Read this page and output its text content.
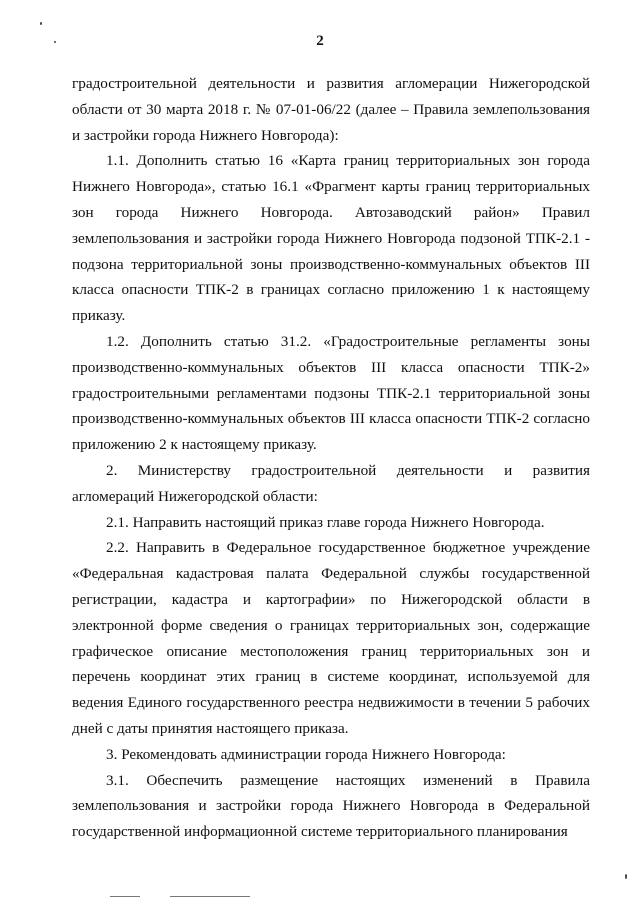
2

градостроительной деятельности и развития агломерации Нижегородской области от 30 марта 2018 г. № 07-01-06/22 (далее – Правила землепользования и застройки города Нижнего Новгорода):

1.1. Дополнить статью 16 «Карта границ территориальных зон города Нижнего Новгорода», статью 16.1 «Фрагмент карты границ территориальных зон города Нижнего Новгорода. Автозаводский район» Правил землепользования и застройки города Нижнего Новгорода подзоной ТПК-2.1 - подзона территориальной зоны производственно-коммунальных объектов III класса опасности ТПК-2 в границах согласно приложению 1 к настоящему приказу.

1.2. Дополнить статью 31.2. «Градостроительные регламенты зоны производственно-коммунальных объектов III класса опасности ТПК-2» градостроительными регламентами подзоны ТПК-2.1 территориальной зоны производственно-коммунальных объектов III класса опасности ТПК-2 согласно приложению 2 к настоящему приказу.

2. Министерству градостроительной деятельности и развития агломераций Нижегородской области:

2.1. Направить настоящий приказ главе города Нижнего Новгорода.

2.2. Направить в Федеральное государственное бюджетное учреждение «Федеральная кадастровая палата Федеральной службы государственной регистрации, кадастра и картографии» по Нижегородской области в электронной форме сведения о границах территориальных зон, содержащие графическое описание местоположения границ территориальных зон и перечень координат этих границ в системе координат, используемой для ведения Единого государственного реестра недвижимости в течении 5 рабочих дней с даты принятия настоящего приказа.

3. Рекомендовать администрации города Нижнего Новгорода:

3.1. Обеспечить размещение настоящих изменений в Правила землепользования и застройки города Нижнего Новгорода в Федеральной государственной информационной системе территориального планирования
